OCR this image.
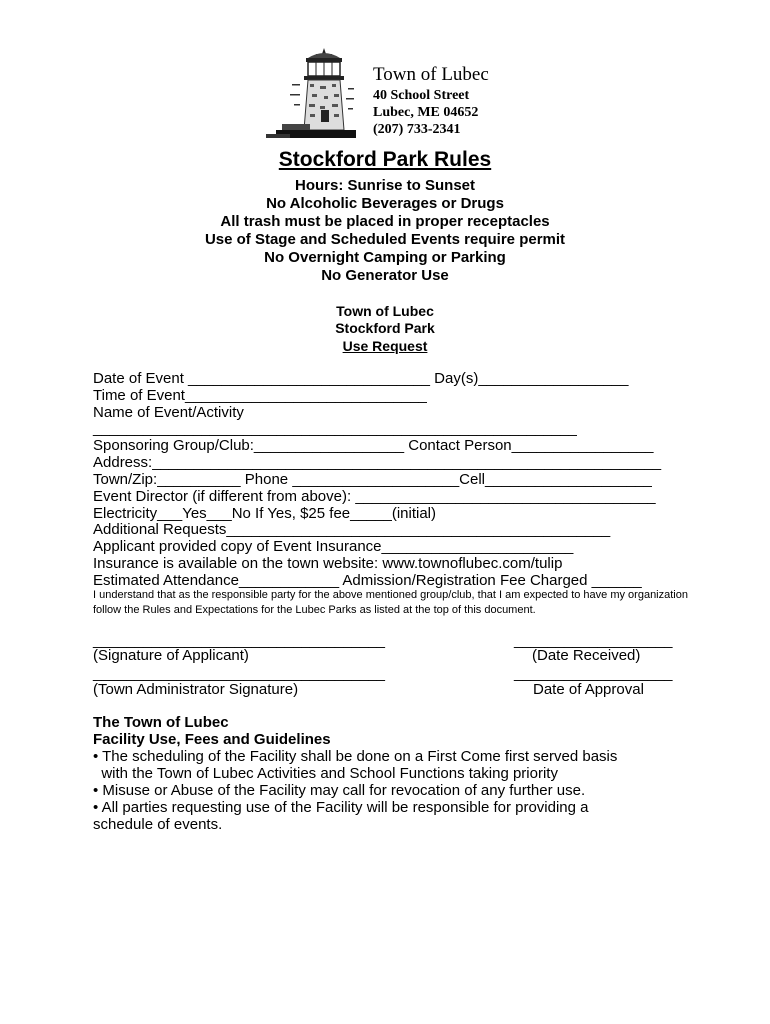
Town of Lubec
40 School Street
Lubec, ME 04652
(207) 733-2341
Stockford Park Rules
Hours: Sunrise to Sunset
No Alcoholic Beverages or Drugs
All trash must be placed in proper receptacles
Use of Stage and Scheduled Events require permit
No Overnight Camping or Parking
No Generator Use
Town of Lubec
Stockford Park
Use Request
Date of Event _____________________________ Day(s)__________________
Time of Event_____________________________
Name of Event/Activity
__________________________________________________________
Sponsoring Group/Club:__________________ Contact Person_________________
Address:_____________________________________________________________
Town/Zip:__________ Phone ____________________Cell____________________
Event Director (if different from above): ____________________________________
Electricity___Yes___No If Yes, $25 fee_____(initial)
Additional Requests______________________________________________
Applicant provided copy of Event Insurance_______________________
Insurance is available on the town website: www.townoflubec.com/tulip
Estimated Attendance____________ Admission/Registration Fee Charged ______
I understand that as the responsible party for the above mentioned group/club, that I am expected to have my organization follow the Rules and Expectations for the Lubec Parks as listed at the top of this document.
___________________________________	___________________
(Signature of Applicant)	(Date Received)
___________________________________	___________________
(Town Administrator Signature)	Date of Approval
The Town of Lubec
Facility Use, Fees and Guidelines
• The scheduling of the Facility shall be done on a First Come first served basis
with the Town of Lubec Activities and School Functions taking priority
• Misuse or Abuse of the Facility may call for revocation of any further use.
• All parties requesting use of the Facility will be responsible for providing a
schedule of events.
